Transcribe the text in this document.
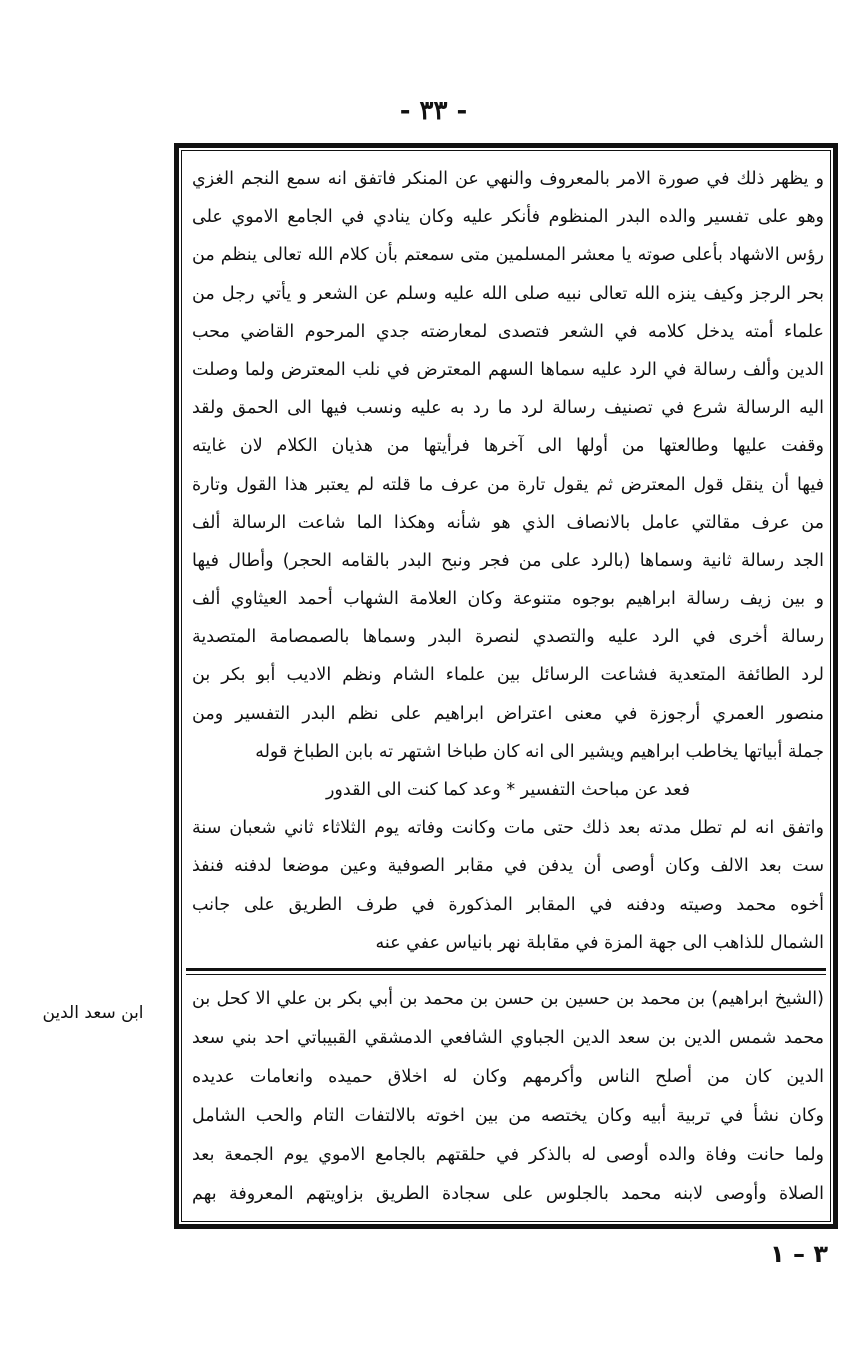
- ٣٣ -
و يظهر ذلك في صورة الامر بالمعروف والنهي عن المنكر فاتفق انه سمع النجم الغزي
وهو على تفسير والده البدر المنظوم فأنكر عليه وكان ينادي في الجامع الاموي على
رؤس الاشهاد بأعلى صوته يا معشر المسلمين متى سمعتم بأن كلام الله تعالى ينظم من
بحر الرجز وكيف ينزه الله تعالى نبيه صلى الله عليه وسلم عن الشعر و يأتي رجل من
علماء أمته يدخل كلامه في الشعر فتصدى لمعارضته جدي المرحوم القاضي محب
الدين وألف رسالة في الرد عليه سماها السهم المعترض في نلب المعترض ولما وصلت
اليه الرسالة شرع في تصنيف رسالة لرد ما رد به عليه ونسب فيها الى الحمق ولقد
وقفت عليها وطالعتها من أولها الى آخرها فرأيتها من هذيان الكلام لان غايته
فيها أن ينقل قول المعترض ثم يقول تارة من عرف ما قلته لم يعتبر هذا القول وتارة
من عرف مقالتي عامل بالانصاف الذي هو شأنه وهكذا الما شاعت الرسالة ألف
الجد رسالة ثانية وسماها (بالرد على من فجر ونبح البدر بالقامه الحجر) وأطال فيها
و بين زيف رسالة ابراهيم بوجوه متنوعة وكان العلامة الشهاب أحمد العيثاوي ألف
رسالة أخرى في الرد عليه والتصدي لنصرة البدر وسماها بالصمصامة المتصدية
لرد الطائفة المتعدية فشاعت الرسائل بين علماء الشام ونظم الاديب أبو بكر بن
منصور العمري أرجوزة في معنى اعتراض ابراهيم على نظم البدر التفسير ومن
جملة أبياتها يخاطب ابراهيم ويشير الى انه كان طباخا اشتهر ته بابن الطباخ قوله
فعد عن مباحث التفسير * وعد كما كنت الى القدور
واتفق انه لم تطل مدته بعد ذلك حتى مات وكانت وفاته يوم الثلاثاء ثاني شعبان سنة
ست بعد الالف وكان أوصى أن يدفن في مقابر الصوفية وعين موضعا لدفنه فنفذ
أخوه محمد وصيته ودفنه في المقابر المذكورة في طرف الطريق على جانب
الشمال للذاهب الى جهة المزة في مقابلة نهر بانياس عفي عنه
(الشيخ ابراهيم) بن محمد بن حسين بن حسن بن محمد بن أبي بكر بن علي الا كحل بن
محمد شمس الدين بن سعد الدين الجباوي الشافعي الدمشقي القبيباتي احد بني سعد
الدين كان من أصلح الناس وأكرمهم وكان له اخلاق حميده وانعامات عديده
وكان نشأ في تربية أبيه وكان يختصه من بين اخوته بالالتفات التام والحب الشامل
ولما حانت وفاة والده أوصى له بالذكر في حلقتهم بالجامع الاموي يوم الجمعة بعد
الصلاة وأوصى لابنه محمد بالجلوس على سجادة الطريق بزاويتهم المعروفة بهم
ابن سعد الدين
٣ – ١
